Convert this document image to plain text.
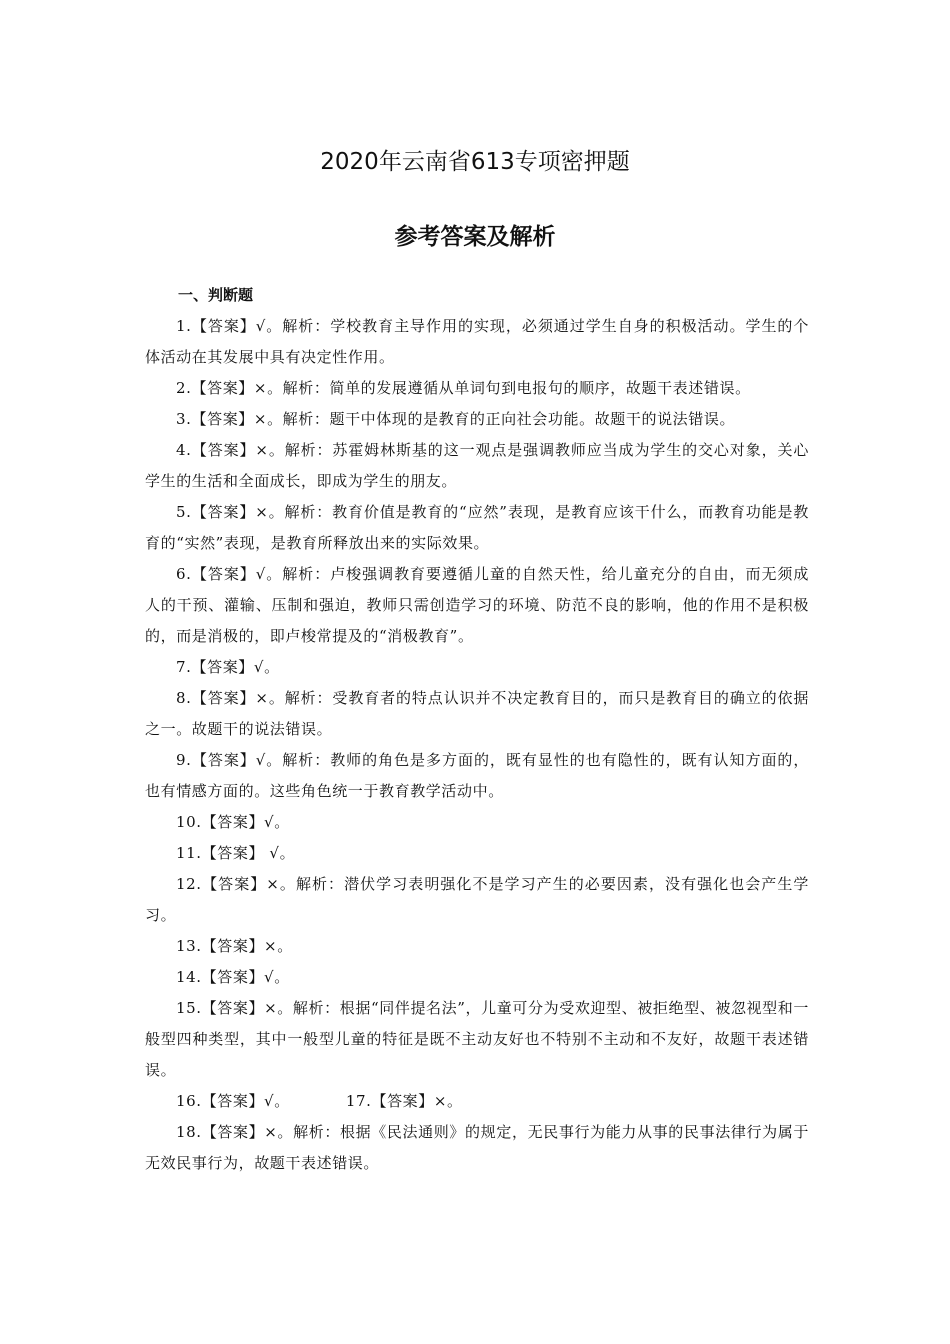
2020年云南省613专项密押题
参考答案及解析
一、判断题

1.【答案】√。解析：学校教育主导作用的实现，必须通过学生自身的积极活动。学生的个体活动在其发展中具有决定性作用。

2.【答案】×。解析：简单的发展遵循从单词句到电报句的顺序，故题干表述错误。

3.【答案】×。解析：题干中体现的是教育的正向社会功能。故题干的说法错误。

4.【答案】×。解析：苏霍姆林斯基的这一观点是强调教师应当成为学生的交心对象，关心学生的生活和全面成长，即成为学生的朋友。

5.【答案】×。解析：教育价值是教育的“应然”表现，是教育应该干什么，而教育功能是教育的“实然”表现，是教育所释放出来的实际效果。

6.【答案】√。解析：卢梭强调教育要遵循儿童的自然天性，给儿童充分的自由，而无须成人的干预、灌输、压制和强迫，教师只需创造学习的环境、防范不良的影响，他的作用不是积极的，而是消极的，即卢梭常提及的“消极教育”。

7.【答案】√。

8.【答案】×。解析：受教育者的特点认识并不决定教育目的，而只是教育目的确立的依据之一。故题干的说法错误。

9.【答案】√。解析：教师的角色是多方面的，既有显性的也有隐性的，既有认知方面的，也有情感方面的。这些角色统一于教育教学活动中。

10.【答案】√。

11.【答案】 √。

12.【答案】×。解析：潜伏学习表明强化不是学习产生的必要因素，没有强化也会产生学习。

13.【答案】×。

14.【答案】√。

15.【答案】×。解析：根据“同伴提名法”，儿童可分为受欢迎型、被拒绝型、被忽视型和一般型四种类型，其中一般型儿童的特征是既不主动友好也不特别不主动和不友好，故题干表述错误。

16.【答案】√。	17.【答案】×。

18.【答案】×。解析：根据《民法通则》的规定，无民事行为能力从事的民事法律行为属于无效民事行为，故题干表述错误。
